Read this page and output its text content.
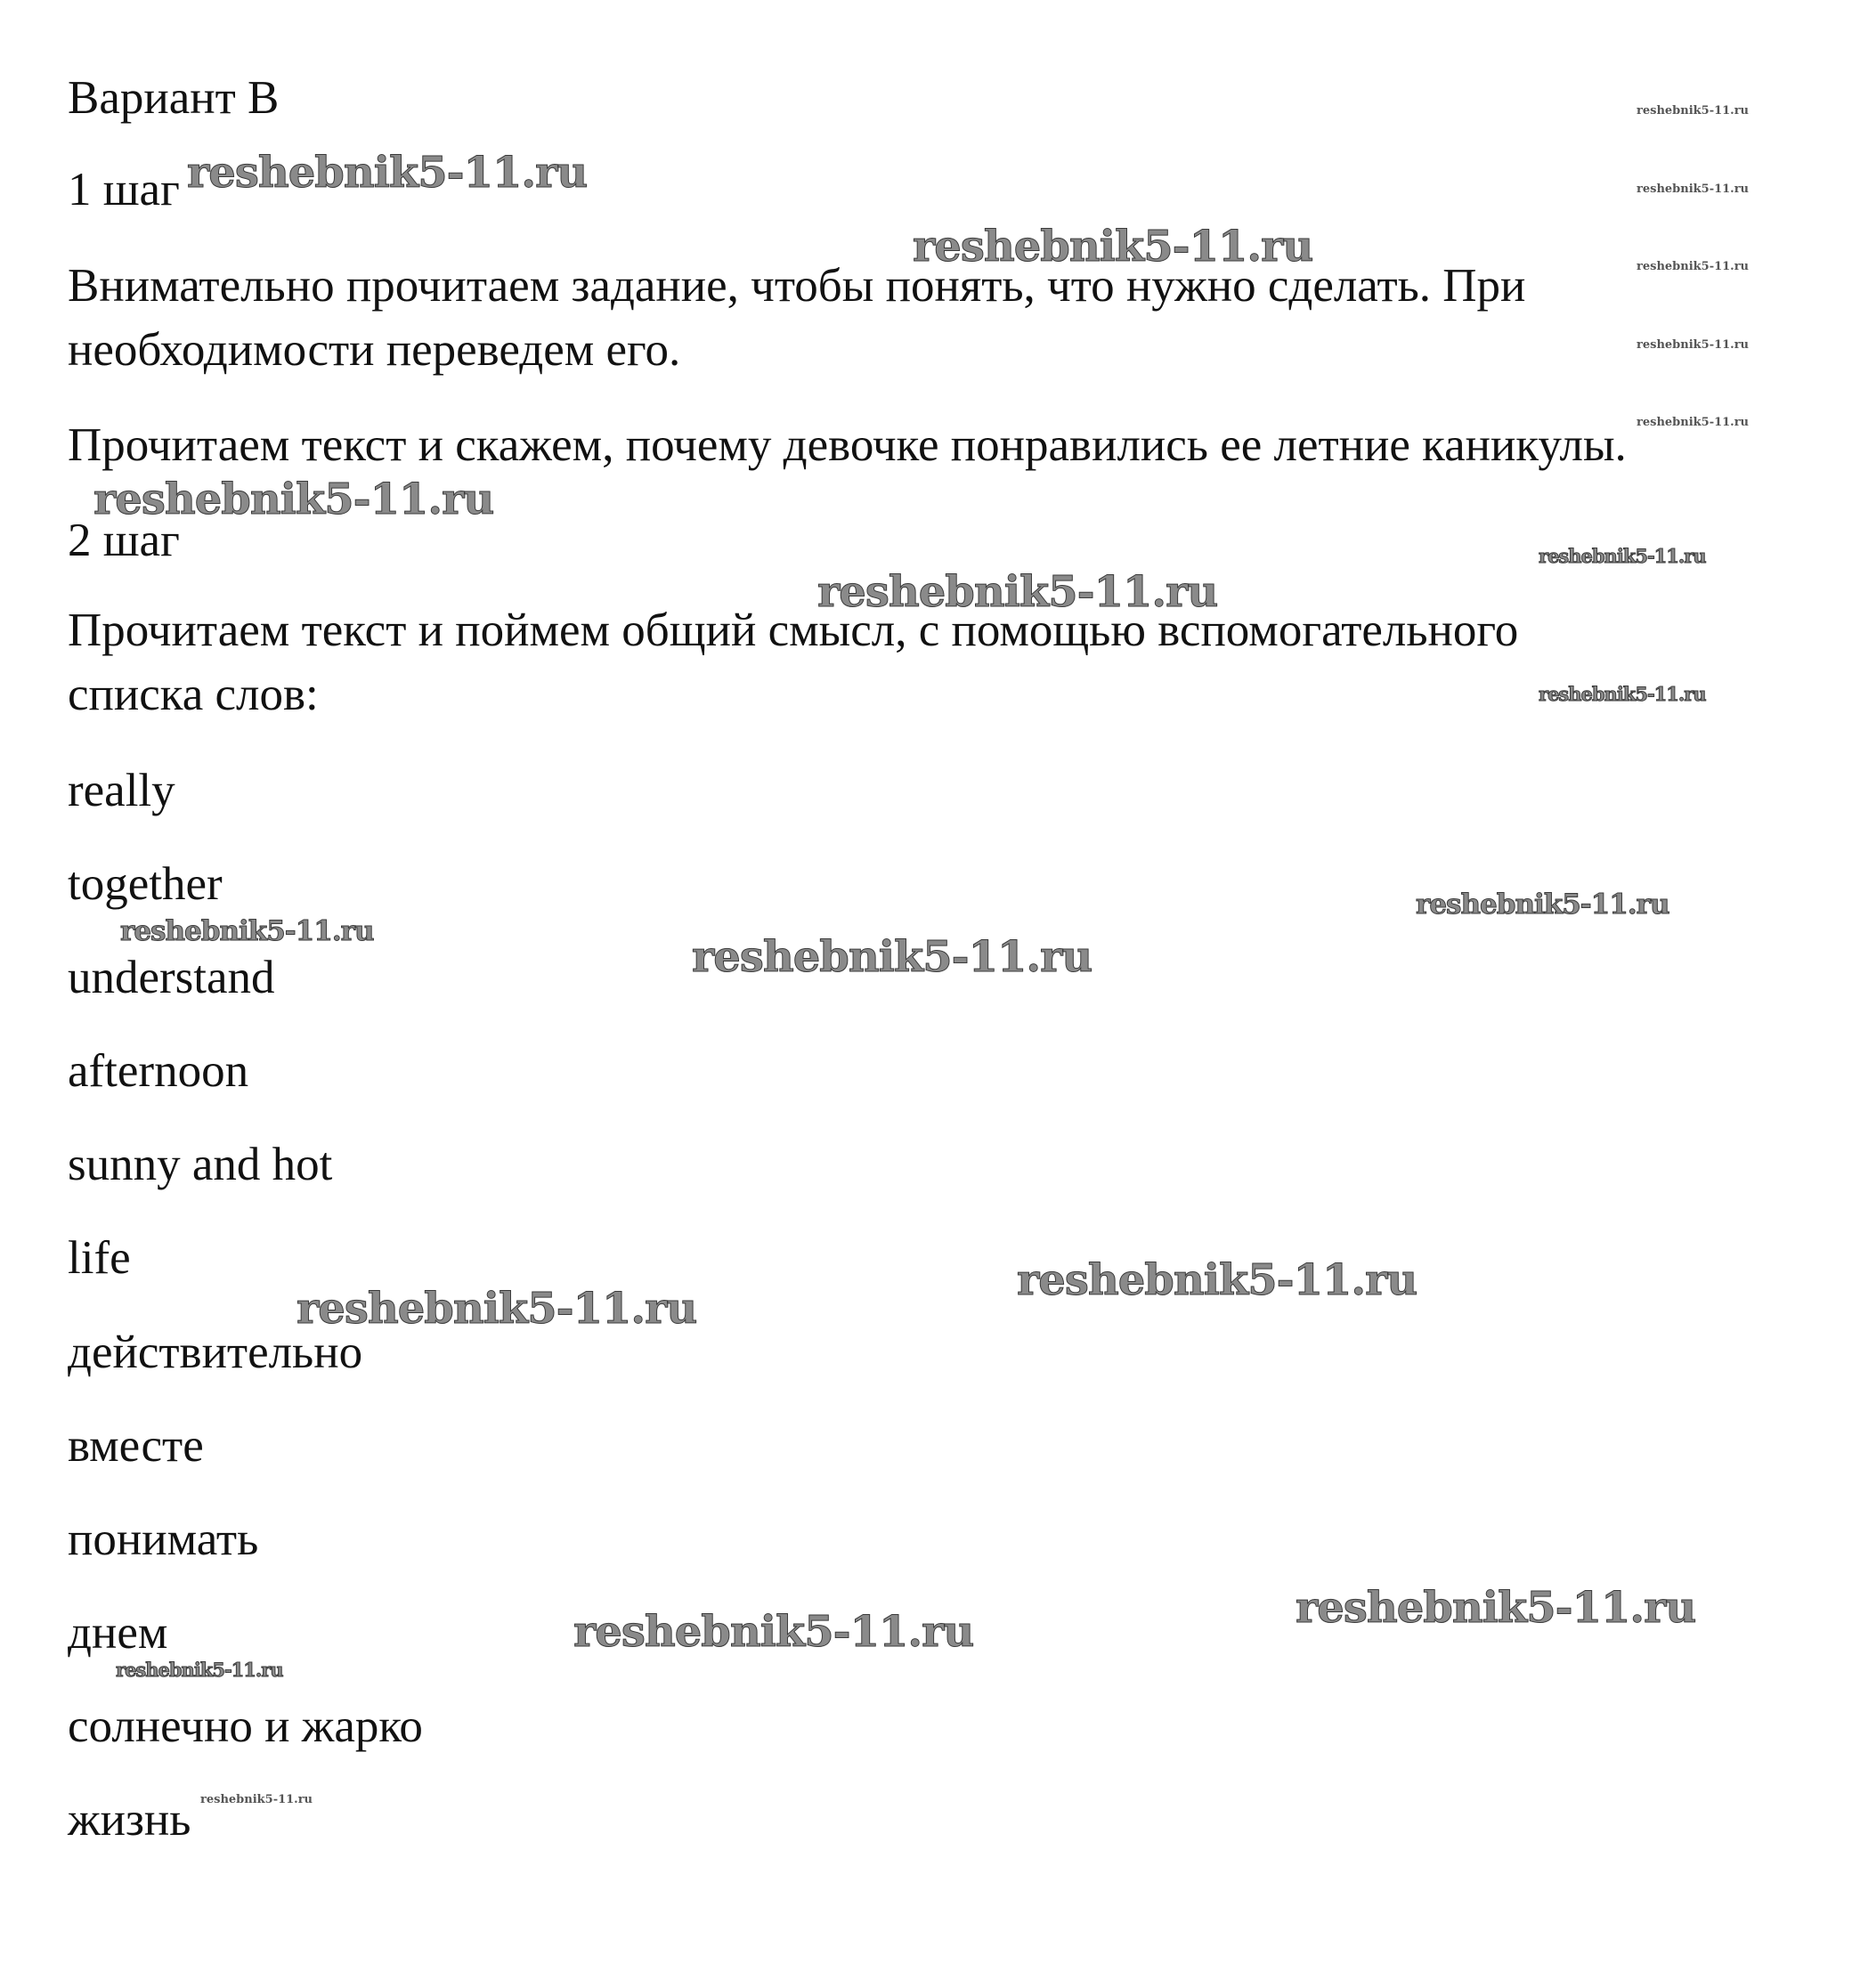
Вариант B
1 шаг

Внимательно прочитаем задание, чтобы понять, что нужно сделать. При

необходимости переведем его.

Прочитаем текст и скажем, почему девочке понравились ее летние каникулы.

2 шаг

Прочитаем текст и поймем общий смысл, с помощью вспомогательного

списка слов:

really
together
understand
afternoon
sunny and hot
life
действительно
вместе
понимать
днем
солнечно и жарко
жизнь
reshebnik5-11.ru
reshebnik5-11.ru
reshebnik5-11.ru
reshebnik5-11.ru
reshebnik5-11.ru
reshebnik5-11.ru
reshebnik5-11.ru
reshebnik5-11.ru	reshebnik5-11.ru
reshebnik5-11.ru
reshebnik5-11.ru
reshebnik5-11.ru
reshebnik5-11.ru
reshebnik5-11.ru
reshebnik5-11.ru
reshebnik5-11.ru
reshebnik5-11.ru
reshebnik5-11.ru
reshebnik5-11.ru
reshebnik5-11.ru
